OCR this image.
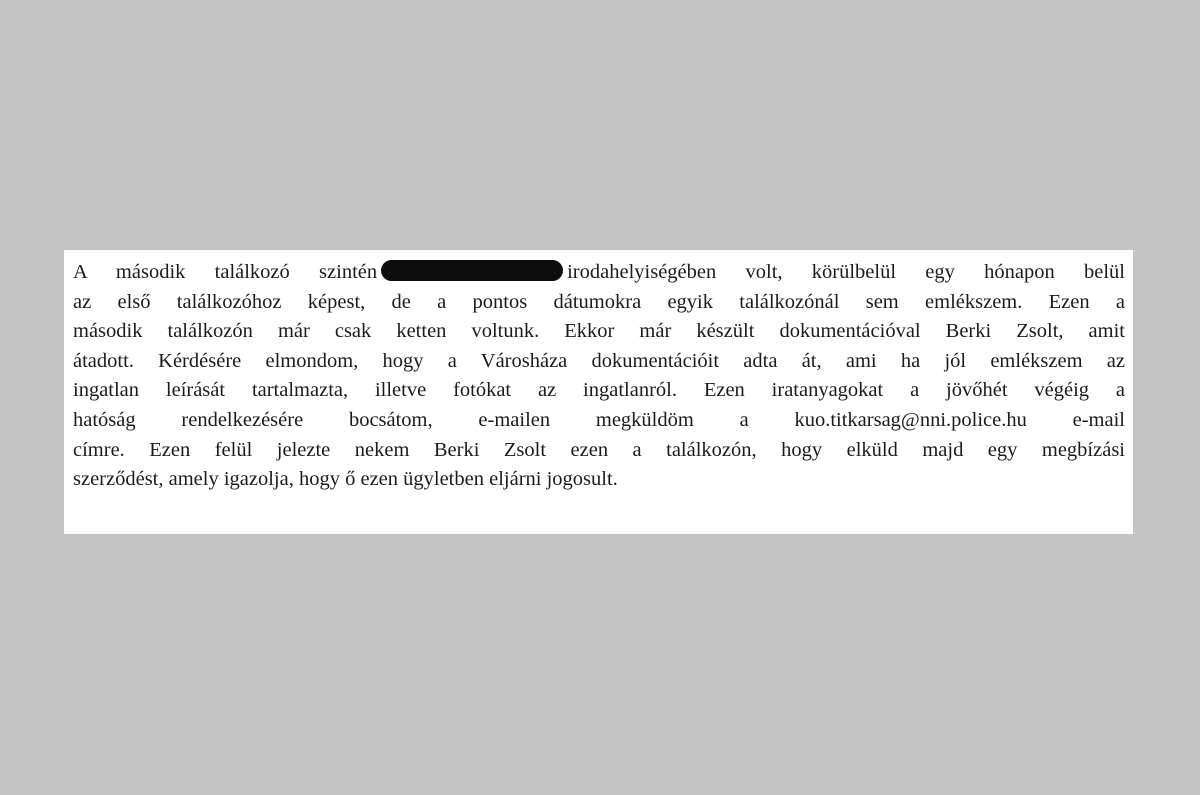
A második találkozó szintén	irodahelyiségében volt, körülbelül egy hónapon belül
az első találkozóhoz képest, de a pontos dátumokra egyik találkozónál sem emlékszem. Ezen a
második találkozón már csak ketten voltunk. Ekkor már készült dokumentációval Berki Zsolt, amit
átadott. Kérdésére elmondom, hogy a Városháza dokumentációit adta át, ami ha jól emlékszem az
ingatlan leírását tartalmazta, illetve fotókat az ingatlanról. Ezen iratanyagokat a jövőhét végéig a
hatóság rendelkezésére bocsátom, e-mailen megküldöm a kuo.titkarsag@nni.police.hu e-mail
címre. Ezen felül jelezte nekem Berki Zsolt ezen a találkozón, hogy elküld majd egy megbízási
szerződést, amely igazolja, hogy ő ezen ügyletben eljárni jogosult.
